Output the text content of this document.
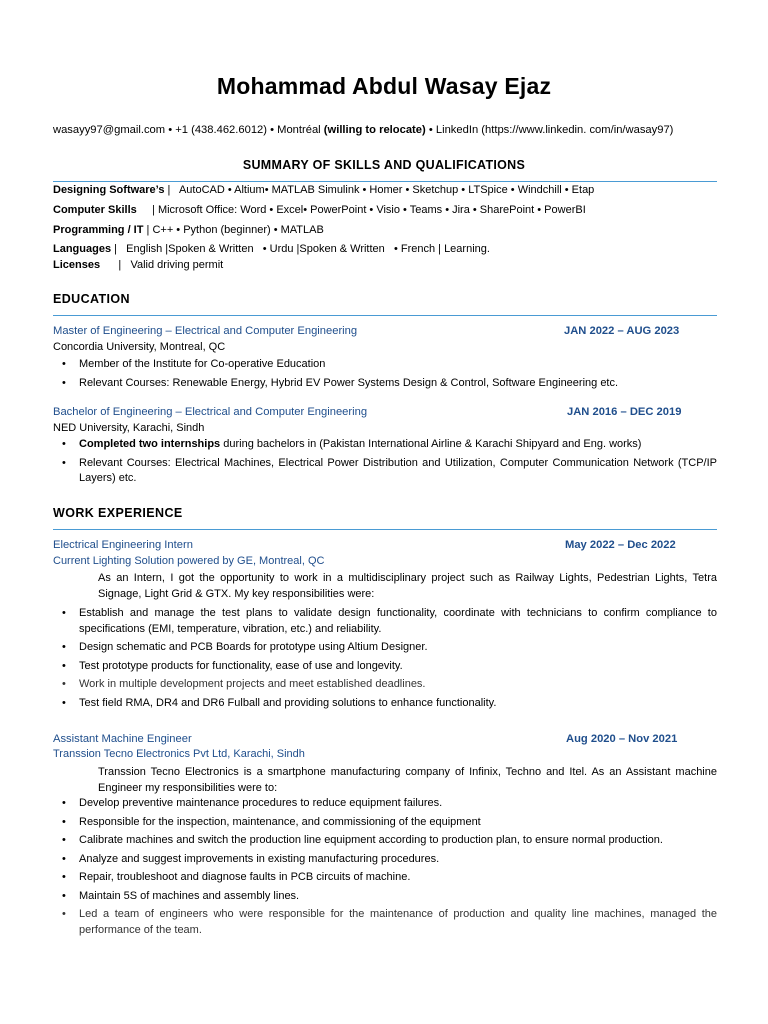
Mohammad Abdul Wasay Ejaz
wasayy97@gmail.com • +1 (438.462.6012) • Montréal (willing to relocate) • LinkedIn (https://www.linkedin. com/in/wasay97)
SUMMARY OF SKILLS AND QUALIFICATIONS
Designing Software’s |   AutoCAD • Altium• MATLAB Simulink • Homer • Sketchup • LTSpice • Windchill • Etap
Computer Skills     | Microsoft Office: Word • Excel• PowerPoint • Visio • Teams • Jira • SharePoint • PowerBI
Programming / IT | C++ • Python (beginner) • MATLAB
Languages |   English |Spoken & Written   • Urdu |Spoken & Written   • French | Learning.
Licenses      |   Valid driving permit
EDUCATION
Master of Engineering – Electrical and Computer Engineering	JAN 2022 – AUG 2023
Concordia University, Montreal, QC
• Member of the Institute for Co-operative Education
• Relevant Courses: Renewable Energy, Hybrid EV Power Systems Design & Control, Software Engineering etc.
Bachelor of Engineering – Electrical and Computer Engineering	JAN 2016 – DEC 2019
NED University, Karachi, Sindh
• Completed two internships during bachelors in (Pakistan International Airline & Karachi Shipyard and Eng. works)
• Relevant Courses: Electrical Machines, Electrical Power Distribution and Utilization, Computer Communication Network (TCP/IP Layers) etc.
WORK EXPERIENCE
Electrical Engineering Intern	May 2022 – Dec 2022
Current Lighting Solution powered by GE, Montreal, QC
As an Intern, I got the opportunity to work in a multidisciplinary project such as Railway Lights, Pedestrian Lights, Tetra Signage, Light Grid & GTX. My key responsibilities were:
• Establish and manage the test plans to validate design functionality, coordinate with technicians to confirm compliance to specifications (EMI, temperature, vibration, etc.) and reliability.
• Design schematic and PCB Boards for prototype using Altium Designer.
• Test prototype products for functionality, ease of use and longevity.
• Work in multiple development projects and meet established deadlines.
• Test field RMA, DR4 and DR6 Fulball and providing solutions to enhance functionality.
Assistant Machine Engineer	Aug 2020 – Nov 2021
Transsion Tecno Electronics Pvt Ltd, Karachi, Sindh
Transsion Tecno Electronics is a smartphone manufacturing company of Infinix, Techno and Itel. As an Assistant machine Engineer my responsibilities were to:
• Develop preventive maintenance procedures to reduce equipment failures.
• Responsible for the inspection, maintenance, and commissioning of the equipment
• Calibrate machines and switch the production line equipment according to production plan, to ensure normal production.
• Analyze and suggest improvements in existing manufacturing procedures.
• Repair, troubleshoot and diagnose faults in PCB circuits of machine.
• Maintain 5S of machines and assembly lines.
• Led a team of engineers who were responsible for the maintenance of production and quality line machines, managed the performance of the team.
